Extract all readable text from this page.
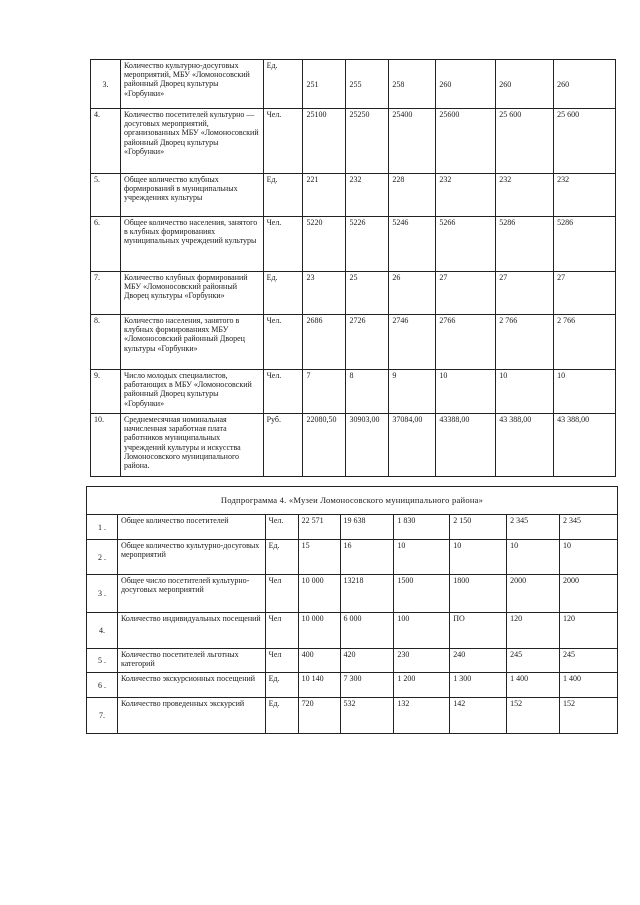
3.	Количество культурно-досуговых мероприятий, МБУ «Ломоносовский районный Дворец культуры «Горбунки»	Ед.	251	255	258	260	260	260
4.	Количество посетителей культурно — досуговых мероприятий, организованных МБУ «Ломоносовский районный Дворец культуры «Горбунки»	Чел.	25100	25250	25400	25600	25 600	25 600
5.	Общее количество клубных формирований в муниципальных учреждениях культуры	Ед.	221	232	228	232	232	232
6.	Общее количество населения, занятого в клубных формированиях муниципальных учреждений культуры	Чел.	5220	5226	5246	5266	5286	5286
7.	Количество клубных формирований МБУ «Ломоносовский районный Дворец культуры «Горбунки»	Ед.	23	25	26	27	27	27
8.	Количество населения, занятого в клубных формированиях МБУ «Ломоносовский районный Дворец культуры «Горбунки»	Чел.	2686	2726	2746	2766	2 766	2 766
9.	Число молодых специалистов, работающих в МБУ «Ломоносовский районный Дворец культуры «Горбунки»	Чел.	7	8	9	10	10	10
10.	Среднемесячная номинальная начисленная заработная плата работников муниципальных учреждений культуры и искусства Ломоносовского муниципального района.	Руб.	22080,50	30903,00	37084,00	43388,00	43 388,00	43 388,00
Подпрограмма 4. «Музеи Ломоносовского муниципального района»								
1 .	Общее количество посетителей	Чел.	22 571	19 638	1 830	2 150	2 345	2 345
2 .	Общее количество культурно-досуговых мероприятий	Ед.	15	16	10	10	10	10
3 .	Общее число посетителей культурно-досуговых мероприятий	Чел	10 000	13218	1500	1800	2000	2000
4.	Количество индивидуальных посещений	Чел	10 000	6 000	100	ПО	120	120
5 .	Количество посетителей льготных категорий	Чел	400	420	230	240	245	245
6 .	Количество экскурсионных посещений	Ед.	10 140	7 300	1 200	1 300	1 400	1 400
7.	Количество проведенных экскурсий	Ед.	720	532	132	142	152	152
